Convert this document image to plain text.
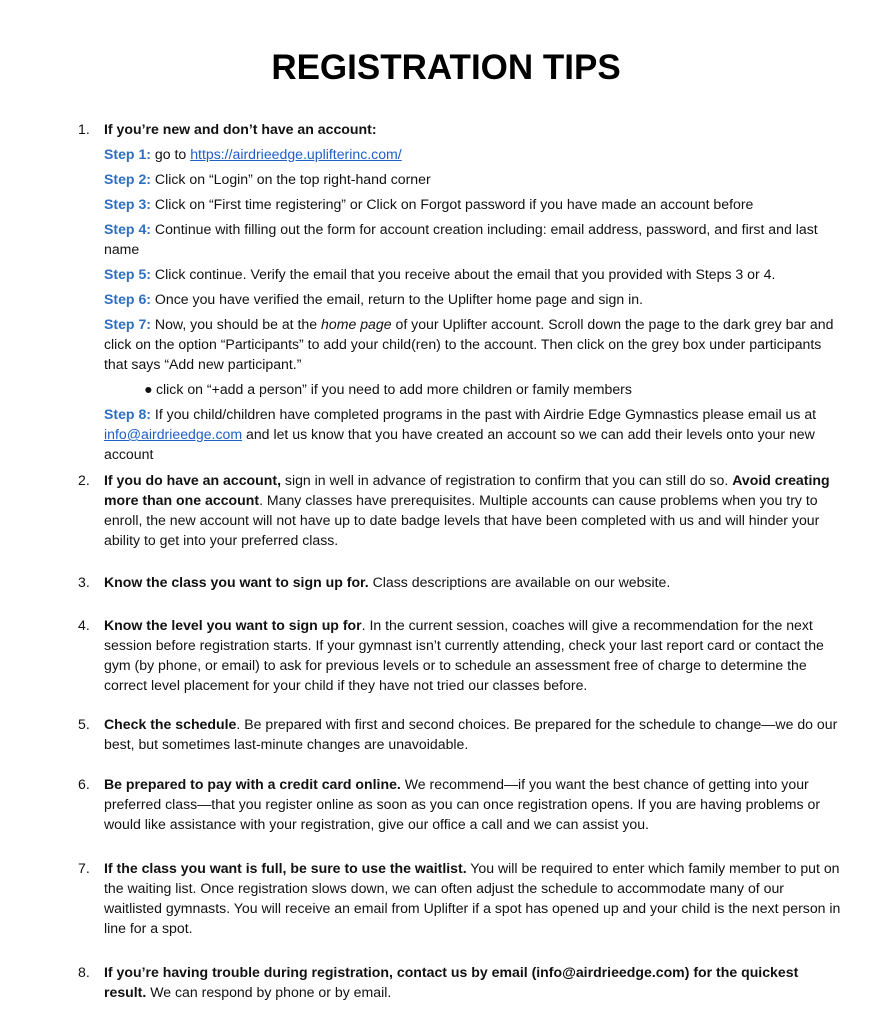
REGISTRATION TIPS
1.	If you’re new and don’t have an account:
Step 1: go to https://airdrieedge.uplifterinc.com/
Step 2: Click on “Login” on the top right-hand corner
Step 3: Click on “First time registering” or Click on Forgot password if you have made an account before
Step 4: Continue with filling out the form for account creation including: email address, password, and first and last name
Step 5: Click continue. Verify the email that you receive about the email that you provided with Steps 3 or 4.
Step 6: Once you have verified the email, return to the Uplifter home page and sign in.
Step 7: Now, you should be at the home page of your Uplifter account. Scroll down the page to the dark grey bar and click on the option “Participants” to add your child(ren) to the account. Then click on the grey box under participants that says “Add new participant.”
● click on “+add a person” if you need to add more children or family members
Step 8: If you child/children have completed programs in the past with Airdrie Edge Gymnastics please email us at info@airdrieedge.com and let us know that you have created an account so we can add their levels onto your new account
2.	If you do have an account, sign in well in advance of registration to confirm that you can still do so. Avoid creating more than one account. Many classes have prerequisites. Multiple accounts can cause problems when you try to enroll, the new account will not have up to date badge levels that have been completed with us and will hinder your ability to get into your preferred class.
3.	Know the class you want to sign up for. Class descriptions are available on our website.
4.	Know the level you want to sign up for. In the current session, coaches will give a recommendation for the next session before registration starts. If your gymnast isn’t currently attending, check your last report card or contact the gym (by phone, or email) to ask for previous levels or to schedule an assessment free of charge to determine the correct level placement for your child if they have not tried our classes before.
5.	Check the schedule. Be prepared with first and second choices. Be prepared for the schedule to change—we do our best, but sometimes last-minute changes are unavoidable.
6.	Be prepared to pay with a credit card online. We recommend—if you want the best chance of getting into your preferred class—that you register online as soon as you can once registration opens. If you are having problems or would like assistance with your registration, give our office a call and we can assist you.
7.	If the class you want is full, be sure to use the waitlist. You will be required to enter which family member to put on the waiting list. Once registration slows down, we can often adjust the schedule to accommodate many of our waitlisted gymnasts. You will receive an email from Uplifter if a spot has opened up and your child is the next person in line for a spot.
8.	If you’re having trouble during registration, contact us by email (info@airdrieedge.com) for the quickest result. We can respond by phone or by email.
